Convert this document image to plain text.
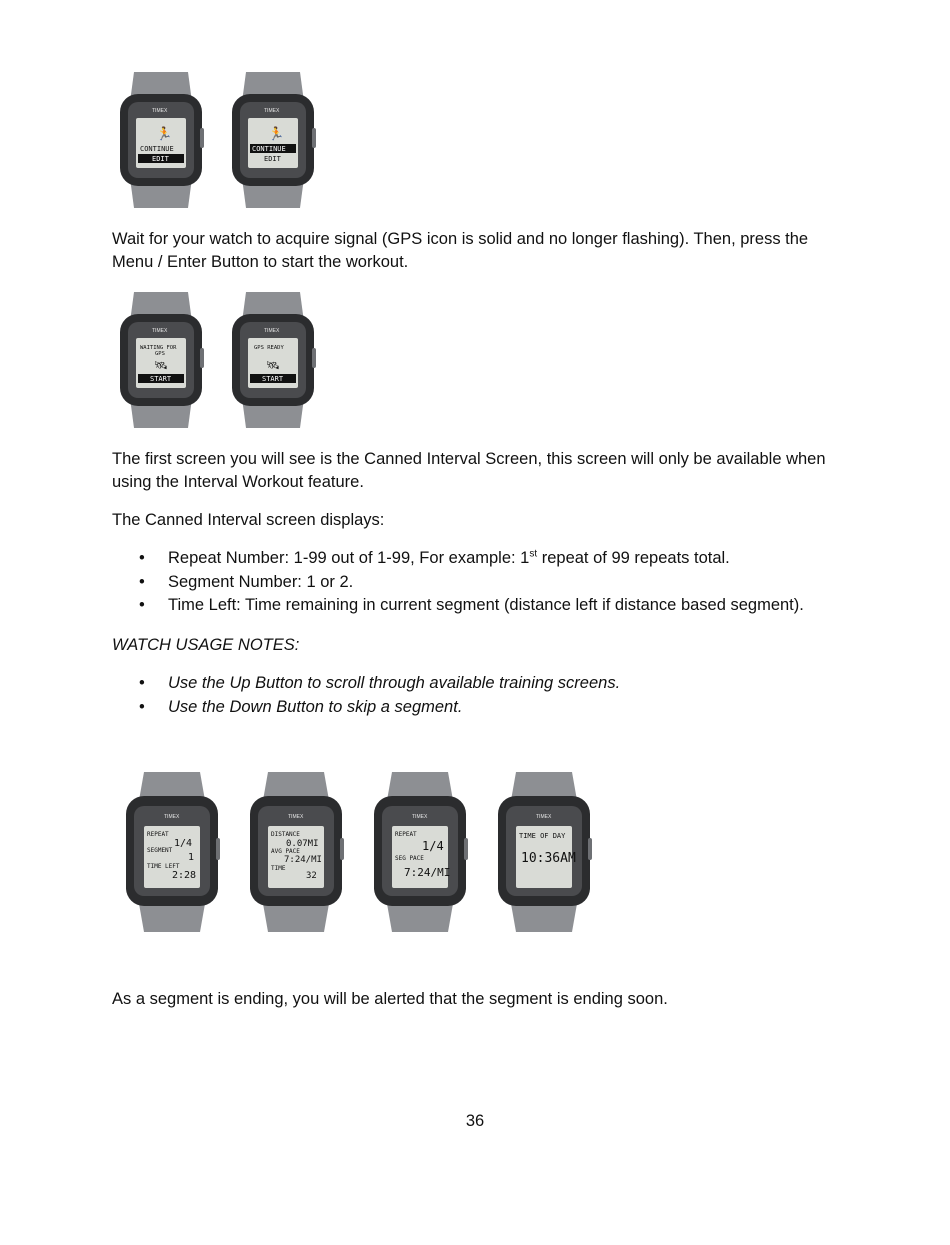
TIMEX
🏃
CONTINUE
EDIT
TIMEX
🏃
CONTINUE
EDIT

Wait for your watch to acquire signal (GPS icon is solid and no longer flashing). Then, press the Menu / Enter Button to start the workout.

TIMEX
WAITING FOR
GPS
🛰
START
TIMEX
GPS READY
🛰
START

The first screen you will see is the Canned Interval Screen, this screen will only be available when using the Interval Workout feature.

The Canned Interval screen displays:

• Repeat Number: 1-99 out of 1-99, For example: 1st repeat of 99 repeats total.
• Segment Number: 1 or 2.
• Time Left: Time remaining in current segment (distance left if distance based segment).

WATCH USAGE NOTES:

• Use the Up Button to scroll through available training screens.
• Use the Down Button to skip a segment.
TIMEX
REPEAT
1/4
SEGMENT
1
TIME LEFT
2:28
TIMEX
DISTANCE
0.07MI
AVG PACE
7:24/MI
TIME
32
TIMEX
REPEAT
1/4
SEG PACE
7:24/MI
TIMEX
TIME OF DAY
10:36AM

As a segment is ending, you will be alerted that the segment is ending soon.

36
